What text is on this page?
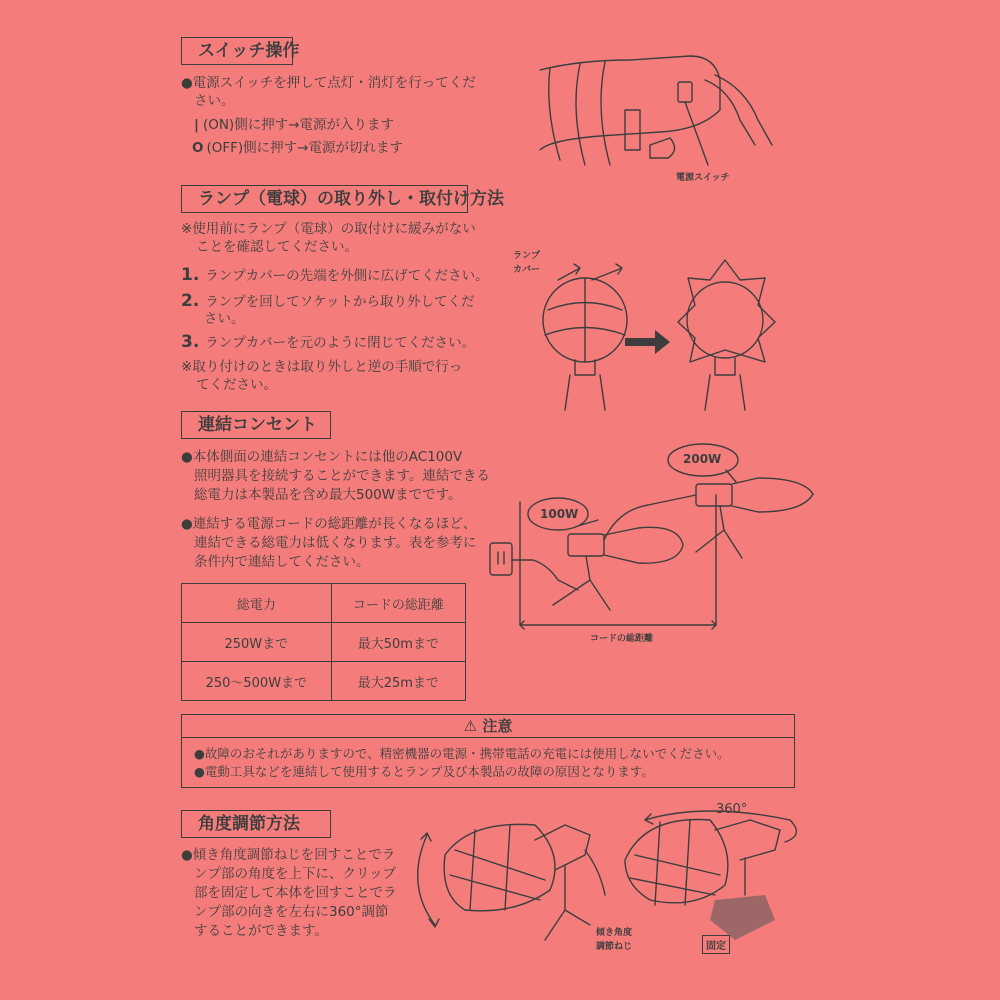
スイッチ操作
●電源スイッチを押して点灯・消灯を行ってくだ
さい。
| (ON)側に押す→電源が入ります
O (OFF)側に押す→電源が切れます
電源スイッチ
ランプ（電球）の取り外し・取付け方法
※使用前にランプ（電球）の取付けに緩みがない
ことを確認してください。
1. ランプカバーの先端を外側に広げてください。
2. ランプを回してソケットから取り外してくだ
さい。
3. ランプカバーを元のように閉じてください。
※取り付けのときは取り外しと逆の手順で行っ
てください。
ランプ
カバー
連結コンセント
●本体側面の連結コンセントには他のAC100V
照明器具を接続することができます。連結できる
総電力は本製品を含め最大500Wまでです。
●連結する電源コードの総距離が長くなるほど、
連結できる総電力は低くなります。表を参考に
条件内で連結してください。
総電力	コードの総距離
250Wまで	最大50mまで
250〜500Wまで	最大25mまで
200W
100W
コードの総距離
⚠ 注意
●故障のおそれがありますので、精密機器の電源・携帯電話の充電には使用しないでください。
●電動工具などを連結して使用するとランプ及び本製品の故障の原因となります。
角度調節方法
●傾き角度調節ねじを回すことでラ
ンプ部の角度を上下に、クリップ
部を固定して本体を回すことでラ
ンプ部の向きを左右に360°調節
することができます。	傾き角度
調節ねじ
360°
固定
